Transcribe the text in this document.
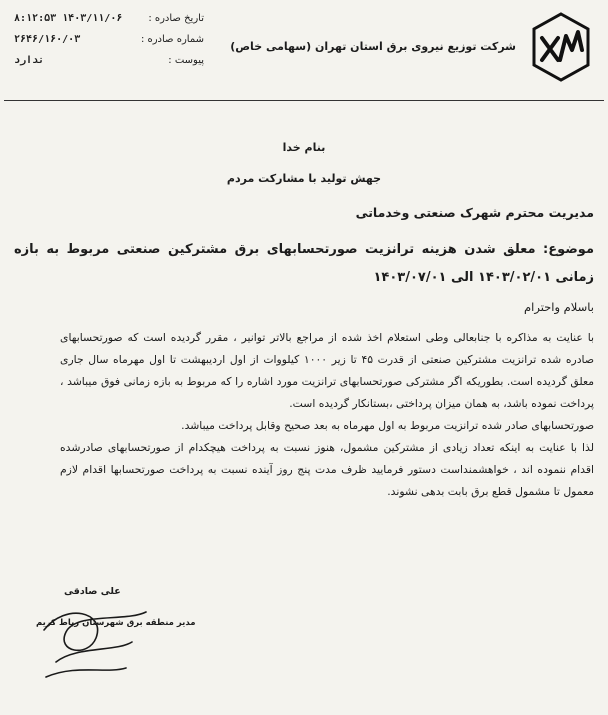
شرکت توزیع نیروی برق استان تهران (سهامی خاص)
تاریخ صادره :
۸:۱۲:۵۳ ۱۴۰۳/۱۱/۰۶
شماره صادره :
۲۶۴۶/۱۶۰/۰۳
پیوست :
ندارد
بنام خدا
جهش تولید با مشارکت مردم
مدیریت محترم شهرک صنعتی وخدماتی
موضوع: معلق شدن هزینه ترانزیت صورتحسابهای برق مشترکین صنعتی مربوط به بازه زمانی ۱۴۰۳/۰۲/۰۱ الی ۱۴۰۳/۰۷/۰۱
باسلام واحترام

با عنایت به مذاکره با جنابعالی وطی استعلام اخذ شده از مراجع بالاتر توانیر ، مقرر گردیده است که صورتحسابهای صادره شده ترانزیت مشترکین صنعتی از قدرت ۴۵ تا زیر ۱۰۰۰ کیلووات از اول اردیبهشت تا اول مهرماه سال جاری معلق گردیده است. بطوریکه اگر مشترکی صورتحسابهای ترانزیت مورد اشاره را که مربوط به بازه زمانی فوق میباشد ، پرداخت نموده باشد، به همان میزان پرداختی ،بستانکار گردیده است.

صورتحسابهای صادر شده ترانزیت مربوط به اول مهرماه به بعد صحیح وقابل پرداخت میباشد.

لذا با عنایت به اینکه تعداد زیادی از مشترکین مشمول، هنوز نسبت به پرداخت هیچکدام از صورتحسابهای صادرشده اقدام ننموده اند ، خواهشمنداست دستور فرمایید ظرف مدت پنج روز آینده نسبت به پرداخت صورتحسابها اقدام لازم معمول تا مشمول قطع برق بابت بدهی نشوند.

علی صادقی
مدیر منطقه برق شهرستان رباط کریم
